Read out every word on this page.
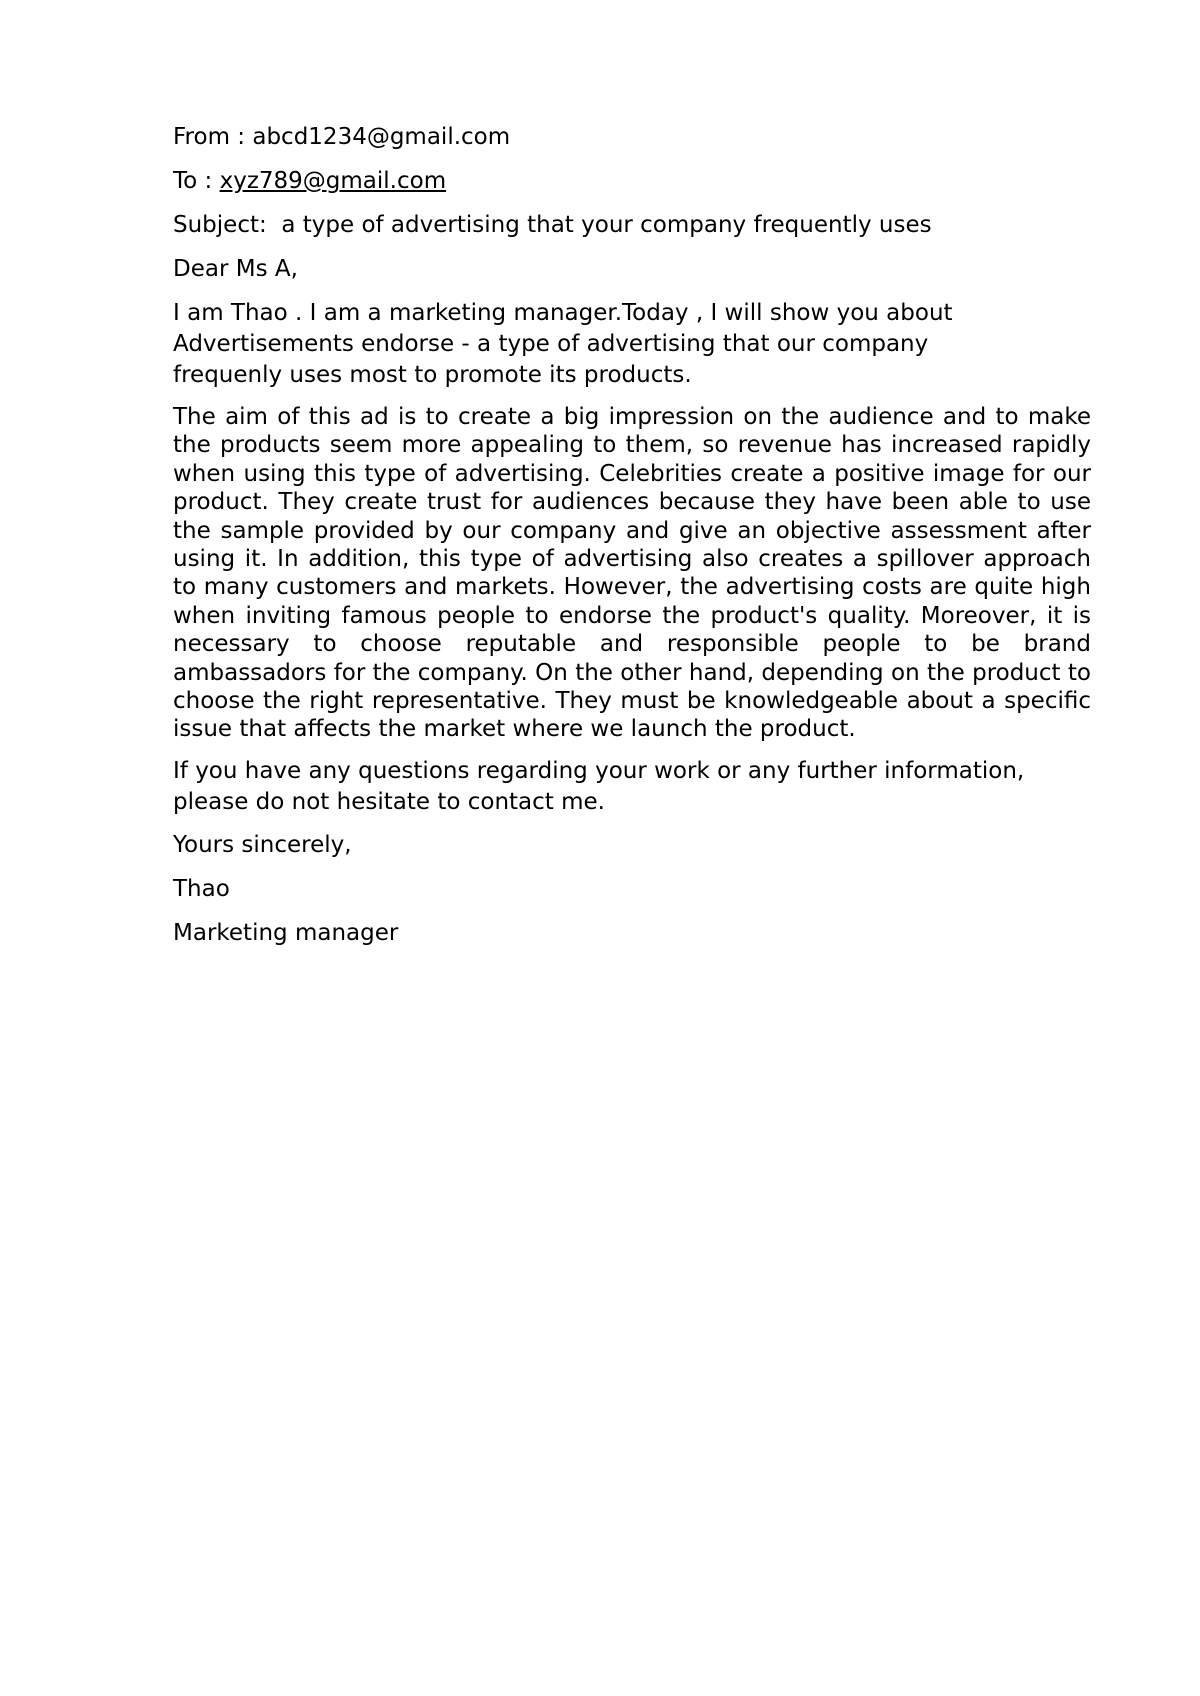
From : abcd1234@gmail.com
To : xyz789@gmail.com
Subject: a type of advertising that your company frequently uses
Dear Ms A,
I am Thao . I am a marketing manager.Today , I will show you about Advertisements endorse - a type of advertising that our company frequenly uses most to promote its products.
The aim of this ad is to create a big impression on the audience and to make the products seem more appealing to them, so revenue has increased rapidly when using this type of advertising. Celebrities create a positive image for our product. They create trust for audiences because they have been able to use the sample provided by our company and give an objective assessment after using it. In addition, this type of advertising also creates a spillover approach to many customers and markets. However, the advertising costs are quite high when inviting famous people to endorse the product's quality. Moreover, it is necessary to choose reputable and responsible people to be brand ambassadors for the company. On the other hand, depending on the product to choose the right representative. They must be knowledgeable about a specific issue that affects the market where we launch the product.
If you have any questions regarding your work or any further information, please do not hesitate to contact me.
Yours sincerely,
Thao
Marketing manager
